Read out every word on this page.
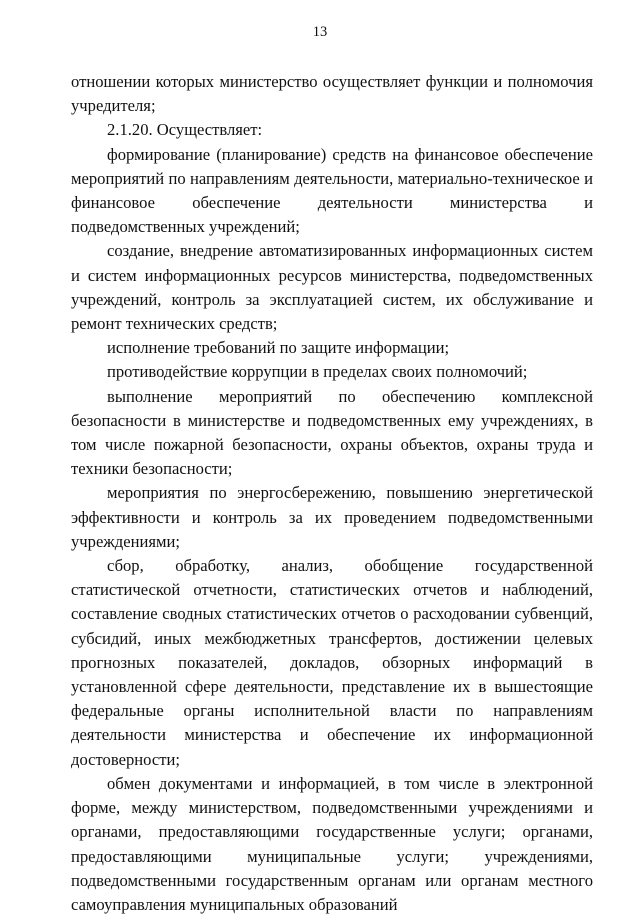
13

отношении которых министерство осуществляет функции и полномочия учредителя;

2.1.20. Осуществляет:

формирование (планирование) средств на финансовое обеспечение мероприятий по направлениям деятельности, материально-техническое и финансовое обеспечение деятельности министерства и подведомственных учреждений;

создание, внедрение автоматизированных информационных систем и систем информационных ресурсов министерства, подведомственных учреждений, контроль за эксплуатацией систем, их обслуживание и ремонт технических средств;

исполнение требований по защите информации;

противодействие коррупции в пределах своих полномочий;

выполнение мероприятий по обеспечению комплексной безопасности в министерстве и подведомственных ему учреждениях, в том числе пожарной безопасности, охраны объектов, охраны труда и техники безопасности;

мероприятия по энергосбережению, повышению энергетической эффективности и контроль за их проведением подведомственными учреждениями;

сбор, обработку, анализ, обобщение государственной статистической отчетности, статистических отчетов и наблюдений, составление сводных статистических отчетов о расходовании субвенций, субсидий, иных межбюджетных трансфертов, достижении целевых прогнозных показателей, докладов, обзорных информаций в установленной сфере деятельности, представление их в вышестоящие федеральные органы исполнительной власти по направлениям деятельности министерства и обеспечение их информационной достоверности;

обмен документами и информацией, в том числе в электронной форме, между министерством, подведомственными учреждениями и органами, предоставляющими государственные услуги; органами, предоставляющими муниципальные услуги; учреждениями, подведомственными государственным органам или органам местного самоуправления муниципальных образований
